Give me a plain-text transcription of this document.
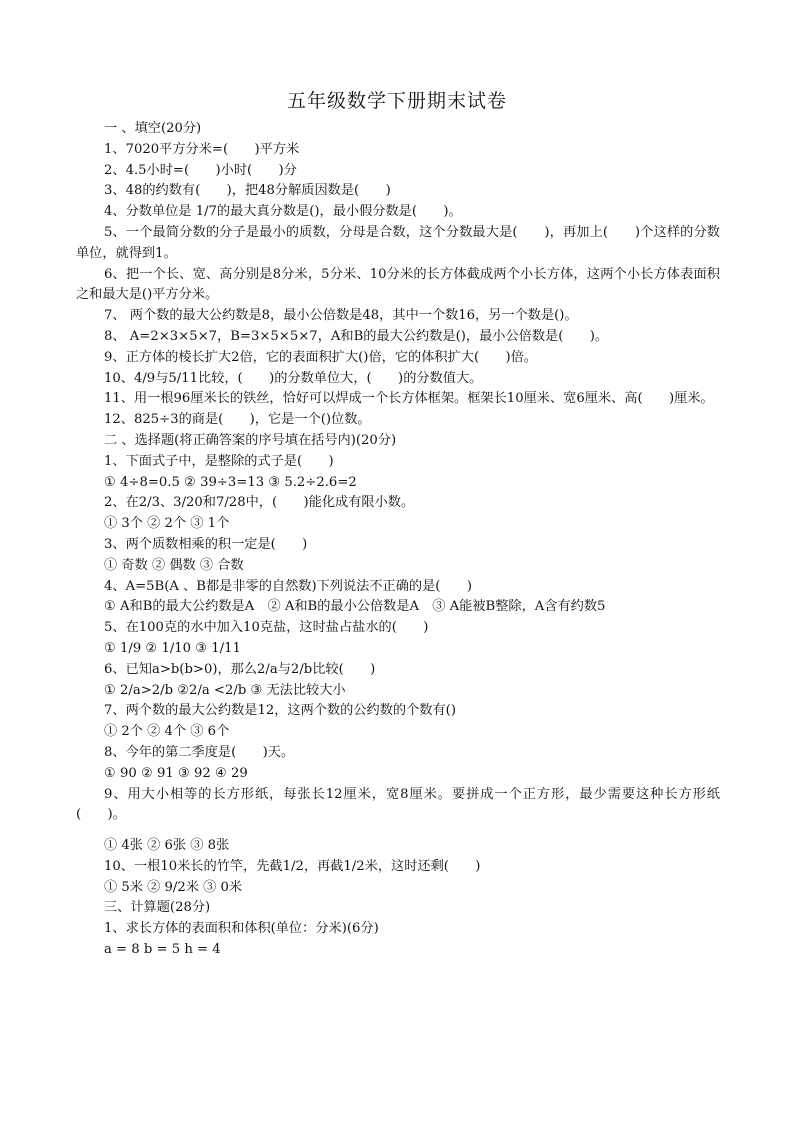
五年级数学下册期末试卷
一 、填空(20分)
1、7020平方分米=(　　)平方米
2、4.5小时=(　　)小时(　　)分
3、48的约数有(　　)，把48分解质因数是(　　)
4、分数单位是 1/7的最大真分数是()，最小假分数是(　　)。
5、一个最简分数的分子是最小的质数，分母是合数，这个分数最大是(　　)，再加上(　　)个这样的分数单位，就得到1。
6、把一个长、宽、高分别是8分米，5分米、10分米的长方体截成两个小长方体，这两个小长方体表面积之和最大是()平方分米。
7、 两个数的最大公约数是8，最小公倍数是48，其中一个数16，另一个数是()。
8、 A=2×3×5×7，B=3×5×5×7，A和B的最大公约数是()，最小公倍数是(　　)。
9、正方体的棱长扩大2倍，它的表面积扩大()倍，它的体积扩大(　　)倍。
10、4/9与5/11比较，(　　)的分数单位大，(　　)的分数值大。
11、用一根96厘米长的铁丝，恰好可以焊成一个长方体框架。框架长10厘米、宽6厘米、高(　　)厘米。
12、825÷3的商是(　　)，它是一个()位数。
二 、选择题(将正确答案的序号填在括号内)(20分)
1、下面式子中，是整除的式子是(　　)
① 4÷8=0.5 ② 39÷3=13 ③ 5.2÷2.6=2
2、在2/3、3/20和7/28中，(　　)能化成有限小数。
① 3个 ② 2个 ③ 1个
3、两个质数相乘的积一定是(　　)
① 奇数 ② 偶数 ③ 合数
4、A=5B(A 、B都是非零的自然数)下列说法不正确的是(　　)
① A和B的最大公约数是A　② A和B的最小公倍数是A　③ A能被B整除，A含有约数5
5、在100克的水中加入10克盐，这时盐占盐水的(　　)
① 1/9 ② 1/10 ③ 1/11
6、已知a>b(b>0)，那么2/a与2/b比较(　　)
① 2/a>2/b ②2/a <2/b ③ 无法比较大小
7、两个数的最大公约数是12，这两个数的公约数的个数有()
① 2个 ② 4个 ③ 6个
8、今年的第二季度是(　　)天。
① 90 ② 91 ③ 92 ④ 29
9、用大小相等的长方形纸，每张长12厘米，宽8厘米。要拼成一个正方形，最少需要这种长方形纸(　　)。
① 4张 ② 6张 ③ 8张
10、一根10米长的竹竿，先截1/2，再截1/2米，这时还剩(　　)
① 5米 ② 9/2米 ③ 0米
三、计算题(28分)
1、求长方体的表面积和体积(单位：分米)(6分)
a = 8 b = 5 h = 4
